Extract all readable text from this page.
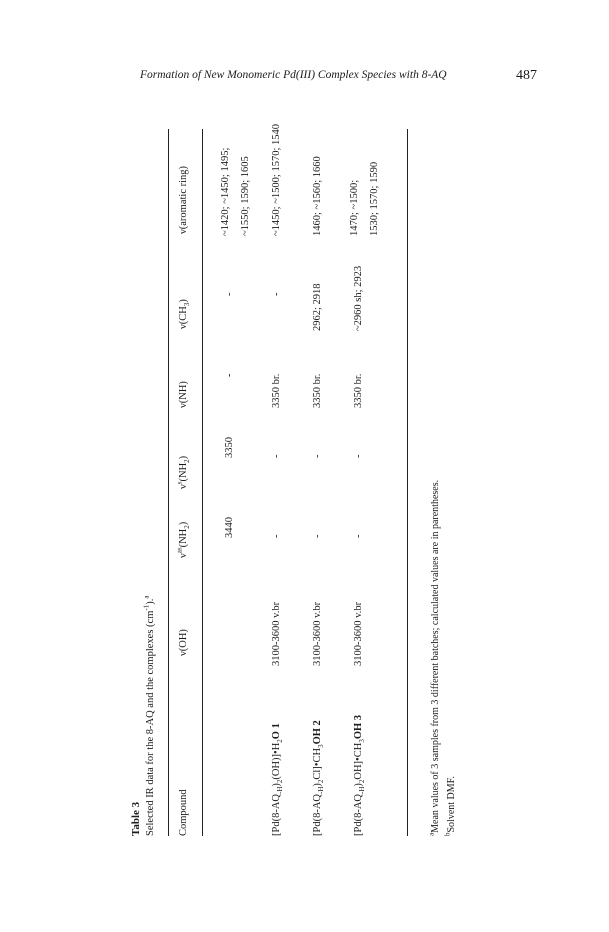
Formation of New Monomeric Pd(III) Complex Species with 8-AQ	487
Table 3 Selected IR data for the 8-AQ and the complexes $(cm^{-1}).^a$
Compound
ν(OH)
$\nu^{as}(NH_2)$
$\nu^s(NH_2)$
ν(NH)
$\nu(CH_3)$
ν(aromatic ring)
3440
3350
-
-
~1420; ~1450; 1495; ~1550; 1590; 1605
$[Pd(8-AQ_{-H})_2(OH)]•H_2O$ 1
3100-3600 v.br
-
-
3350 br.
-
~1450; ~1500; 1570; 1540
$[Pd(8-AQ_{-H})_2Cl]•CH_3OH$ 2
3100-3600 v.br
-
-
3350 br.
2962; 2918
1460; ~1560; 1660
$[Pd(8-AQ_{-H})_2OH]•CH_3OH$ 3
3100-3600 v.br
-
-
3350 br.
~2960 sh; 2923
1470; ~1500; 1530; 1570; 1590
$^a$Mean values of 3 samples from 3 different batches; calculated values are in parentheses.
$^b$Solvent DMF.
